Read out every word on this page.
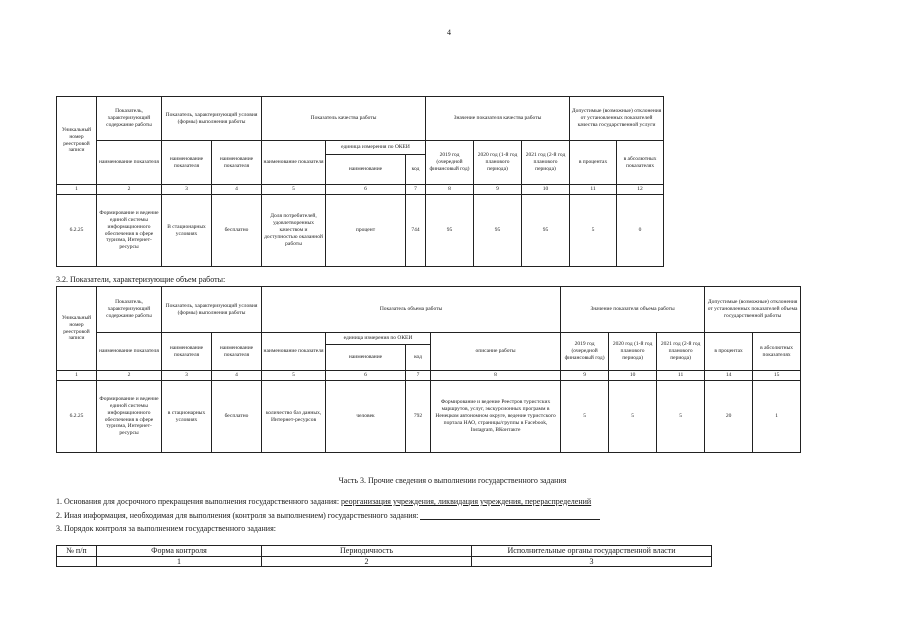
4
Уникальный номер реестровой записи	Показатель, характеризующий содержание работы	Показатель, характеризующий условия (формы) выполнения работы		Показатель качества работы			Значение показателя качества работы			Допустимые (возможные) отклонения от установленных показателей качества государственной услуги	
	наименование показателя	наименование показателя	наименование показателя	наименование показателя	единица измерения по ОКЕИ		2019 год (очередной финансовый год)	2020 год (1-й год планового периода)	2021 год (2-й год планового периода)	в процентах	в абсолютных показателях
					наименование	код					
1	2	3	4	5	6	7	8	9	10	11	12
6.2.25	Формирование и ведение единой системы информационного обеспечения в сфере туризма, Интернет-ресурсы	В стационарных условиях	бесплатно	Доля потребителей, удовлетворенных качеством и доступностью оказанной работы	процент	744	95	95	95	5	0
3.2. Показатели, характеризующие объем работы:
Уникальный номер реестровой записи	Показатель, характеризующий содержание работы	Показатель, характеризующий условия (формы) выполнения работы		Показатель объема работы				Значение показателя объема работы			Допустимые (возможные) отклонения от установленных показателей объема государственной работы	
	наименование показателя	наименование показателя	наименование показателя	наименование показателя	единица измерения по ОКЕИ		описание работы	2019 год (очередной финансовый год)	2020 год (1-й год планового периода)	2021 год (2-й год планового периода)	в процентах	в абсолютных показателях
					наименование	код						
1	2	3	4	5	6	7	8	9	10	11	14	15
6.2.25	Формирование и ведение единой системы информационного обеспечения в сфере туризма, Интернет-ресурсы	в стационарных условиях	бесплатно	количество баз данных, Интернет-ресурсов	человек	792	Формирование и ведение Реестров туристских маршрутов, услуг, экскурсионных программ в Ненецком автономном округе, ведение туристского портала НАО, страницы/группы в Facebook, Instagram, ВКонтакте	5	5	5	20	1
Часть 3. Прочие сведения о выполнении государственного задания
1. Основания для досрочного прекращения выполнения государственного задания: реорганизация учреждения, ликвидация учреждения, перераспределений
2. Иная информация, необходимая для выполнения (контроля за выполнением) государственного задания:
3. Порядок контроля за выполнением государственного задания:
№ п/п	Форма контроля	Периодичность	Исполнительные органы государственной власти
	1	2	3
